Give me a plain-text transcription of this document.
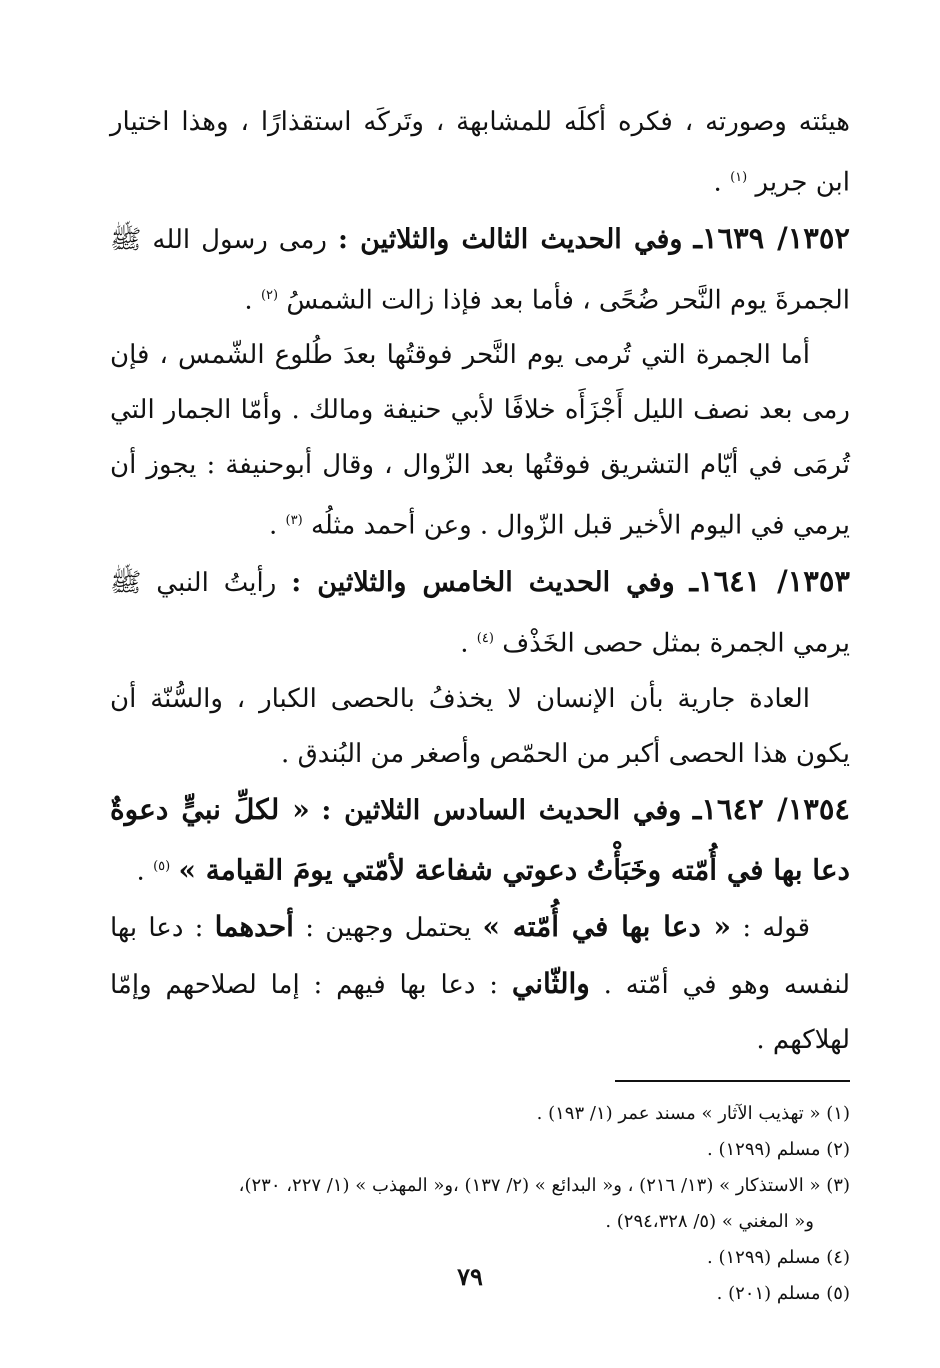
هيئته وصورته ، فكره أكلَه للمشابهة ، وتَركَه استقذارًا ، وهذا اختيار ابن جرير $^{(١)}$ .

١٣٥٢/ ١٦٣٩ـ وفي الحديث الثالث والثلاثين : رمى رسول الله ﷺ الجمرةَ يوم النَّحر ضُحًى ، فأما بعد فإذا زالت الشمسُ $^{(٢)}$ .

أما الجمرة التي تُرمى يوم النَّحر فوقتُها بعدَ طُلوع الشّمس ، فإن رمى بعد نصف الليل أَجْزَأَه خلافًا لأبي حنيفة ومالك . وأمّا الجمار التي تُرمَى في أيّام التشريق فوقتُها بعد الزّوال ، وقال أبوحنيفة : يجوز أن يرمي في اليوم الأخير قبل الزّوال . وعن أحمد مثلُه $^{(٣)}$ .

١٣٥٣/ ١٦٤١ـ وفي الحديث الخامس والثلاثين : رأيتُ النبي ﷺ يرمي الجمرة بمثل حصى الخَذْف $^{(٤)}$ .

العادة جارية بأن الإنسان لا يخذفُ بالحصى الكبار ، والسُّنّة أن يكون هذا الحصى أكبر من الحمّص وأصغر من البُندق .

١٣٥٤/ ١٦٤٢ـ وفي الحديث السادس الثلاثين : « لكلِّ نبيٍّ دعوةٌ دعا بها في أُمّته وخَبَأْتُ دعوتي شفاعة لأمّتي يومَ القيامة » $^{(٥)}$ .

قوله : « دعا بها في أُمّته » يحتمل وجهين : أحدهما : دعا بها لنفسه وهو في أمّته . والثّاني : دعا بها فيهم : إما لصلاحهم وإمّا لهلاكهم .

(١) « تهذيب الآثار » مسند عمر (١/ ١٩٣) .

(٢) مسلم (١٢٩٩) .

(٣) « الاستذكار » (١٣/ ٢١٦) ، و« البدائع » (٢/ ١٣٧) ،و« المهذب » (١/ ٢٢٧، ٢٣٠)،

و« المغني » (٥/ ٢٩٤،٣٢٨) .

(٤) مسلم (١٢٩٩) .

(٥) مسلم (٢٠١) .

٧٩
